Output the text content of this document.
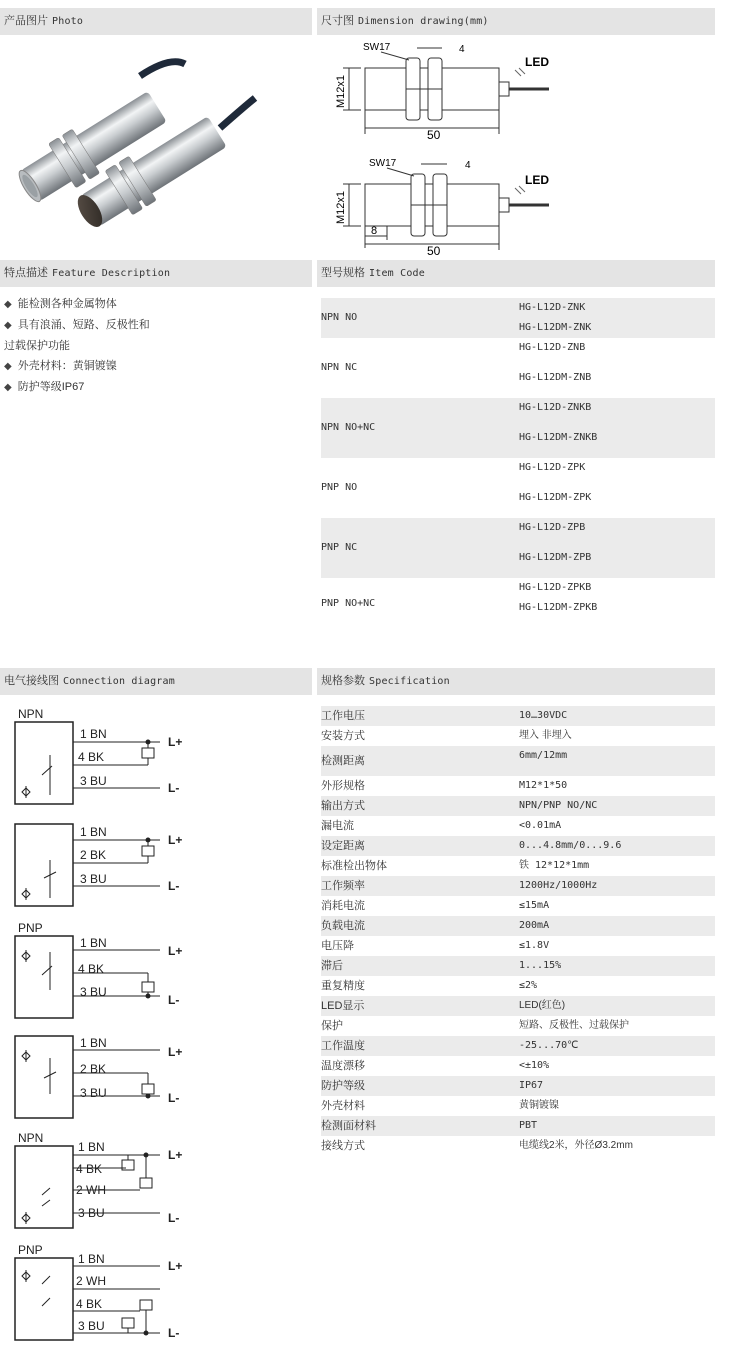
产品图片 Photo	尺寸图 Dimension drawing(mm)
特点描述 Feature Description	型号规格 Item Code
电气接线图 Connection diagram	规格参数 Specification
M12x1
SW17	4
50
LED
M12x1
SW17	4
8
50
LED
◆ 能检测各种金属物体
◆ 具有浪涌、短路、反极性和
过载保护功能
◆ 外壳材料：黄铜镀镍
◆ 防护等级IP67
NPN NO
HG-L12D-ZNK
HG-L12DM-ZNK
NPN NC
HG-L12D-ZNB
HG-L12DM-ZNB
NPN NO+NC
HG-L12D-ZNKB
HG-L12DM-ZNKB
PNP NO
HG-L12D-ZPK
HG-L12DM-ZPK
PNP NC
HG-L12D-ZPB
HG-L12DM-ZPB
PNP NO+NC
HG-L12D-ZPKB
HG-L12DM-ZPKB
NPN
1 BN
4 BK
3 BU
L+
L-
1 BN
2 BK
3 BU
L+
L-
PNP
1 BN
4 BK
3 BU
L+
L-
1 BN
2 BK
3 BU
L+
L-
NPN
1 BN
4 BK
2 WH
3 BU
L+
L-
PNP
1 BN
2 WH
4 BK
3 BU
L+
L-
工作电压	10…30VDC
安装方式	埋入 非埋入
检测距离	6mm/12mm
外形规格	M12*1*50
输出方式	NPN/PNP NO/NC
漏电流	<0.01mA
设定距离	0...4.8mm/0...9.6
标准检出物体	铁 12*12*1mm
工作频率	1200Hz/1000Hz
消耗电流	≤15mA
负载电流	200mA
电压降	≤1.8V
滞后	1...15%
重复精度	≤2%
LED显示	LED(红色)
保护	短路、反极性、过载保护
工作温度	-25...70℃
温度漂移	<±10%
防护等级	IP67
外壳材料	黄铜镀镍
检测面材料	PBT
接线方式	电缆线2米，外径Ø3.2mm
